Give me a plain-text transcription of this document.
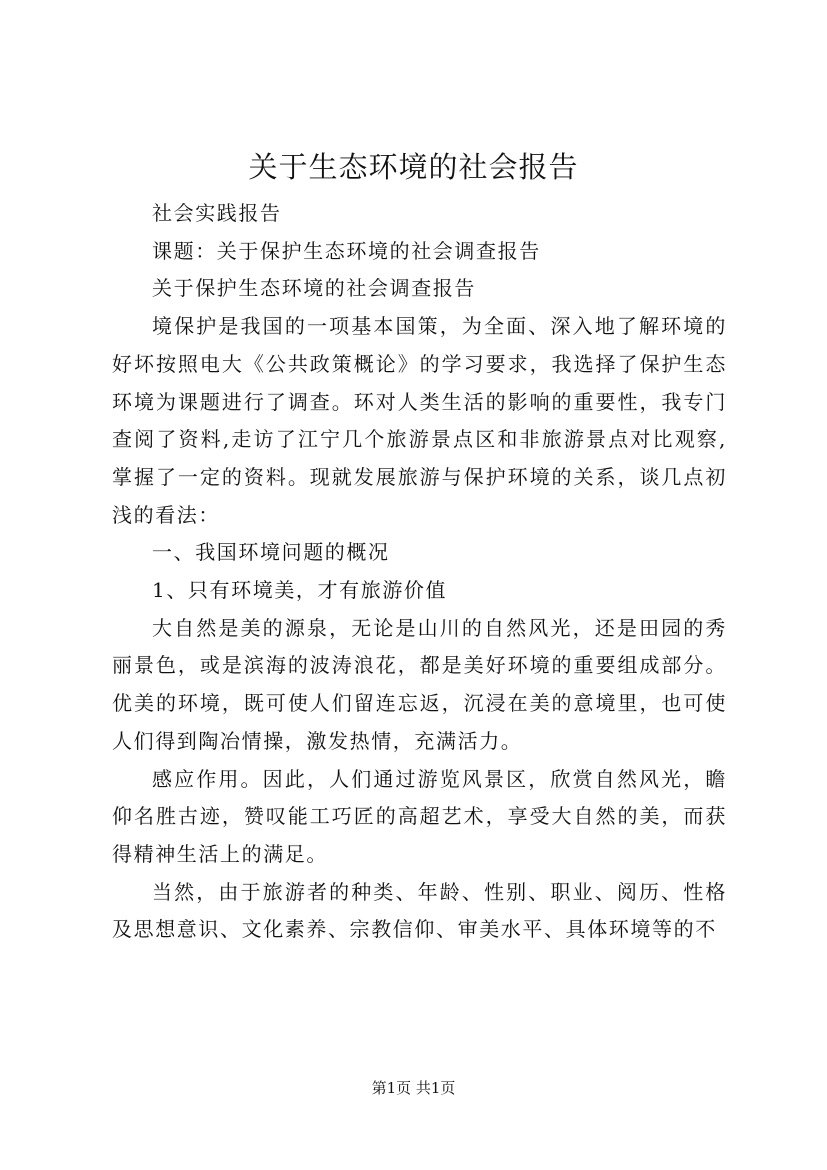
关于生态环境的社会报告

社会实践报告

课题：关于保护生态环境的社会调查报告

关于保护生态环境的社会调查报告

境保护是我国的一项基本国策，为全面、深入地了解环境的好坏按照电大《公共政策概论》的学习要求，我选择了保护生态环境为课题进行了调查。环对人类生活的影响的重要性，我专门查阅了资料,走访了江宁几个旅游景点区和非旅游景点对比观察,掌握了一定的资料。现就发展旅游与保护环境的关系，谈几点初浅的看法：

一、我国环境问题的概况

1、只有环境美，才有旅游价值

大自然是美的源泉，无论是山川的自然风光，还是田园的秀丽景色，或是滨海的波涛浪花，都是美好环境的重要组成部分。优美的环境，既可使人们留连忘返，沉浸在美的意境里，也可使人们得到陶冶情操，激发热情，充满活力。

感应作用。因此，人们通过游览风景区，欣赏自然风光，瞻仰名胜古迹，赞叹能工巧匠的高超艺术，享受大自然的美，而获得精神生活上的满足。

当然，由于旅游者的种类、年龄、性别、职业、阅历、性格及思想意识、文化素养、宗教信仰、审美水平、具体环境等的不

第1页 共1页
